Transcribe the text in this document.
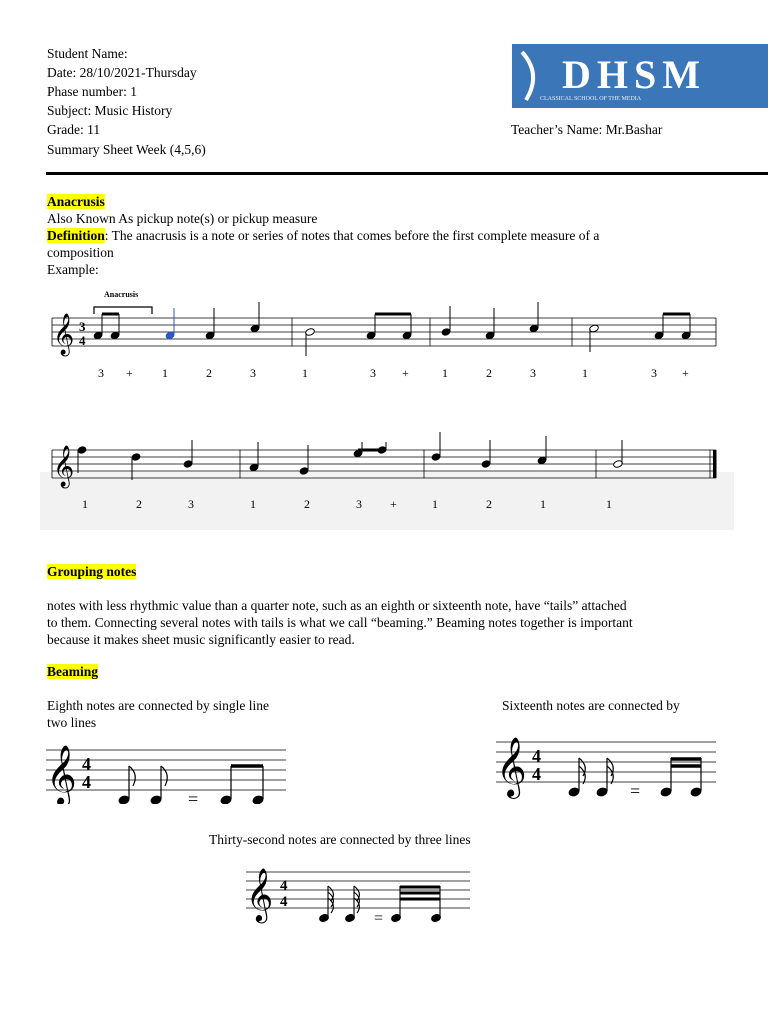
Student Name:
Date: 28/10/2021-Thursday
Phase number: 1
Subject: Music History
Grade: 11
Summary Sheet Week (4,5,6)
Teacher’s Name: Mr.Bashar
DHSM
CLASSICAL SCHOOL OF THE MEDIA
Anacrusis
Also Known As pickup note(s) or pickup measure
Definition: The anacrusis is a note or series of notes that comes before the first complete measure of a
composition
Example:
Anacrusis
𝄞 3
4
3 + 1	2	3	1	3 +	1	2	3	1	3 +
𝄞
1	2	3	1	2	3 +	1	2	1	1
Grouping notes
notes with less rhythmic value than a quarter note, such as an eighth or sixteenth note, have “tails” attached
to them. Connecting several notes with tails is what we call “beaming.” Beaming notes together is important
because it makes sheet music significantly easier to read.
Beaming
Eighth notes are connected by single line
two lines
Sixteenth notes are connected by
Thirty-second notes are connected by three lines
𝄞 4
4
=
𝄞 4
4
=
𝄞 4
4
=
